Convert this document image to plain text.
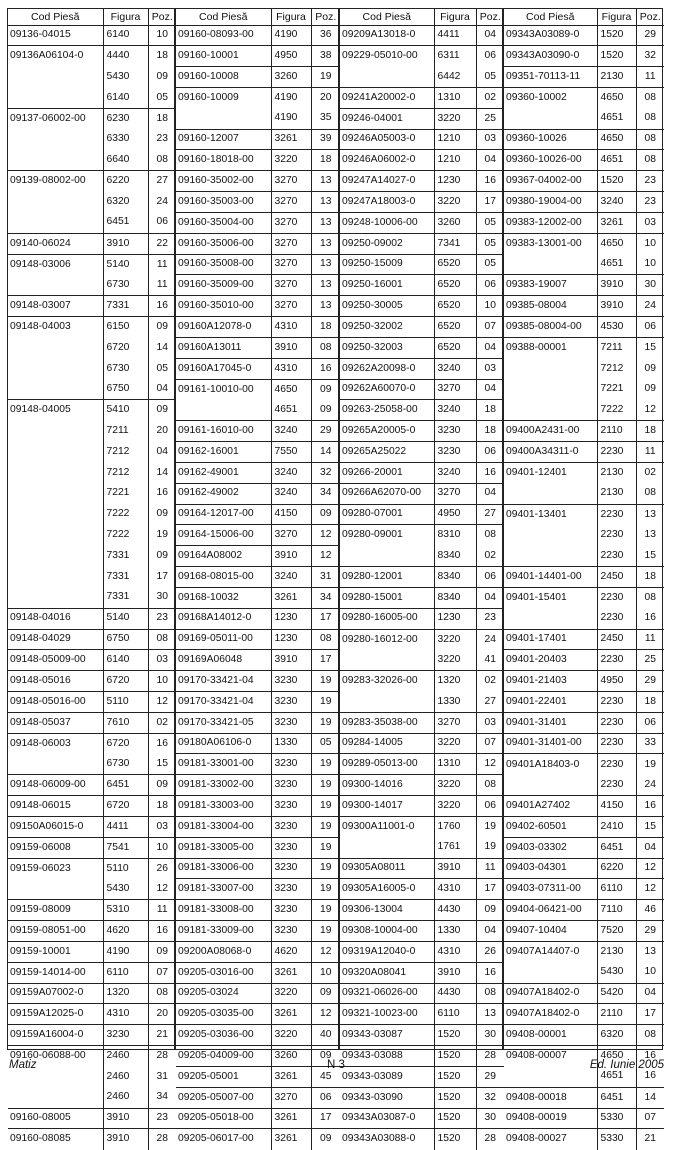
Cod Piesă	Figura	Poz.
09136-04015	6140	10
09136A06104-0	4440	18
	5430	09
	6140	05
09137-06002-00	6230	18
	6330	23
	6640	08
09139-08002-00	6220	27
	6320	24
	6451	06
09140-06024	3910	22
09148-03006	5140	11
	6730	11
09148-03007	7331	16
09148-04003	6150	09
	6720	14
	6730	05
	6750	04
09148-04005	5410	09
	7211	20
	7212	04
	7212	14
	7221	16
	7222	09
	7222	19
	7331	09
	7331	17
	7331	30
09148-04016	5140	23
09148-04029	6750	08
09148-05009-00	6140	03
09148-05016	6720	10
09148-05016-00	5110	12
09148-05037	7610	02
09148-06003	6720	16
	6730	15
09148-06009-00	6451	09
09148-06015	6720	18
09150A06015-0	4411	03
09159-06008	7541	10
09159-06023	5110	26
	5430	12
09159-08009	5310	11
09159-08051-00	4620	16
09159-10001	4190	09
09159-14014-00	6110	07
09159A07002-0	1320	08
09159A12025-0	4310	20
09159A16004-0	3230	21
09160-06088-00	2460	28
	2460	31
	2460	34
09160-08005	3910	23
09160-08085	3910	28
Cod Piesă	Figura	Poz.
09160-08093-00	4190	36
09160-10001	4950	38
09160-10008	3260	19
09160-10009	4190	20
	4190	35
09160-12007	3261	39
09160-18018-00	3220	18
09160-35002-00	3270	13
09160-35003-00	3270	13
09160-35004-00	3270	13
09160-35006-00	3270	13
09160-35008-00	3270	13
09160-35009-00	3270	13
09160-35010-00	3270	13
09160A12078-0	4310	18
09160A13011	3910	08
09160A17045-0	4310	16
09161-10010-00	4650	09
	4651	09
09161-16010-00	3240	29
09162-16001	7550	14
09162-49001	3240	32
09162-49002	3240	34
09164-12017-00	4150	09
09164-15006-00	3270	12
09164A08002	3910	12
09168-08015-00	3240	31
09168-10032	3261	34
09168A14012-0	1230	17
09169-05011-00	1230	08
09169A06048	3910	17
09170-33421-04	3230	19
09170-33421-04	3230	19
09170-33421-05	3230	19
09180A06106-0	1330	05
09181-33001-00	3230	19
09181-33002-00	3230	19
09181-33003-00	3230	19
09181-33004-00	3230	19
09181-33005-00	3230	19
09181-33006-00	3230	19
09181-33007-00	3230	19
09181-33008-00	3230	19
09181-33009-00	3230	19
09200A08068-0	4620	12
09205-03016-00	3261	10
09205-03024	3220	09
09205-03035-00	3261	12
09205-03036-00	3220	40
09205-04009-00	3260	09
09205-05001	3261	45
09205-05007-00	3270	06
09205-05018-00	3261	17
09205-06017-00	3261	09
Cod Piesă	Figura	Poz.
09209A13018-0	4411	04
09229-05010-00	6311	06
	6442	05
09241A20002-0	1310	02
09246-04001	3220	25
09246A05003-0	1210	03
09246A06002-0	1210	04
09247A14027-0	1230	16
09247A18003-0	3220	17
09248-10006-00	3260	05
09250-09002	7341	05
09250-15009	6520	05
09250-16001	6520	06
09250-30005	6520	10
09250-32002	6520	07
09250-32003	6520	04
09262A20098-0	3240	03
09262A60070-0	3270	04
09263-25058-00	3240	18
09265A20005-0	3230	18
09265A25022	3230	06
09266-20001	3240	16
09266A62070-00	3270	04
09280-07001	4950	27
09280-09001	8310	08
	8340	02
09280-12001	8340	06
09280-15001	8340	04
09280-16005-00	1230	23
09280-16012-00	3220	24
	3220	41
09283-32026-00	1320	02
	1330	27
09283-35038-00	3270	03
09284-14005	3220	07
09289-05013-00	1310	12
09300-14016	3220	08
09300-14017	3220	06
09300A11001-0	1760	19
	1761	19
09305A08011	3910	11
09305A16005-0	4310	17
09306-13004	4430	09
09308-10004-00	1330	04
09319A12040-0	4310	26
09320A08041	3910	16
09321-06026-00	4430	08
09321-10023-00	6110	13
09343-03087	1520	30
09343-03088	1520	28
09343-03089	1520	29
09343-03090	1520	32
09343A03087-0	1520	30
09343A03088-0	1520	28
Cod Piesă	Figura	Poz.
09343A03089-0	1520	29
09343A03090-0	1520	32
09351-70113-11	2130	11
09360-10002	4650	08
	4651	08
09360-10026	4650	08
09360-10026-00	4651	08
09367-04002-00	1520	23
09380-19004-00	3240	23
09383-12002-00	3261	03
09383-13001-00	4650	10
	4651	10
09383-19007	3910	30
09385-08004	3910	24
09385-08004-00	4530	06
09388-00001	7211	15
	7212	09
	7221	09
	7222	12
09400A2431-00	2110	18
09400A34311-0	2230	11
09401-12401	2130	02
	2130	08
09401-13401	2230	13
	2230	13
	2230	15
09401-14401-00	2450	18
09401-15401	2230	08
	2230	16
09401-17401	2450	11
09401-20403	2230	25
09401-21403	4950	29
09401-22401	2230	18
09401-31401	2230	06
09401-31401-00	2230	33
09401A18403-0	2230	19
	2230	24
09401A27402	4150	16
09402-60501	2410	15
09403-03302	6451	04
09403-04301	6220	12
09403-07311-00	6110	12
09404-06421-00	7110	46
09407-10404	7520	29
09407A14407-0	2130	13
	5430	10
09407A18402-0	5420	04
09407A18402-0	2110	17
09408-00001	6320	08
09408-00007	4650	16
	4651	16
09408-00018	6451	14
09408-00019	5330	07
09408-00027	5330	21
Matiz	N 3	Ed. Iunie 2005
